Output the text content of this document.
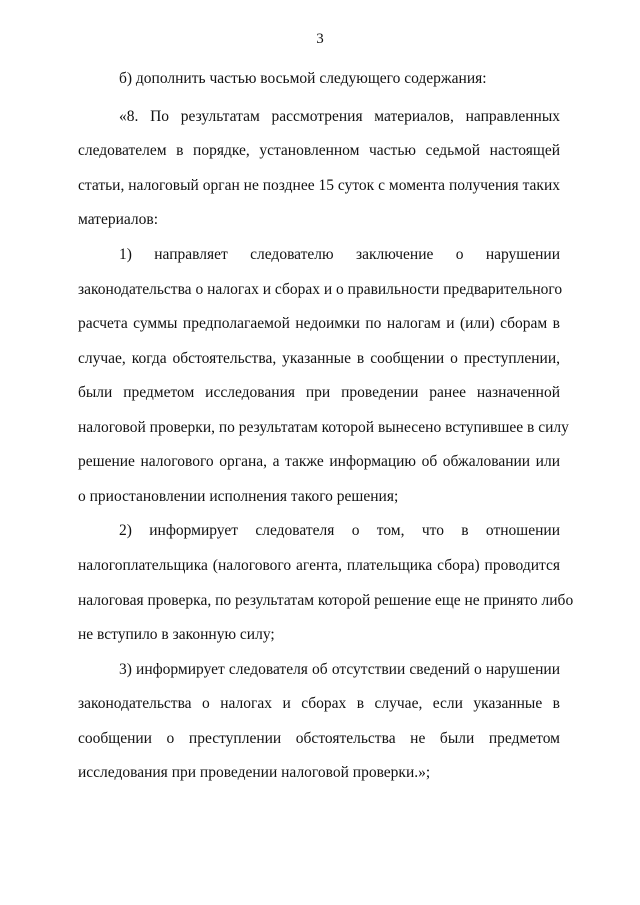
3
б) дополнить частью восьмой следующего содержания:
«8. По результатам рассмотрения материалов, направленных
следователем в порядке, установленном частью седьмой настоящей
статьи, налоговый орган не позднее 15 суток с момента получения таких
материалов:
1) направляет следователю заключение о нарушении
законодательства о налогах и сборах и о правильности предварительного
расчета суммы предполагаемой недоимки по налогам и (или) сборам в
случае, когда обстоятельства, указанные в сообщении о преступлении,
были предметом исследования при проведении ранее назначенной
налоговой проверки, по результатам которой вынесено вступившее в силу
решение налогового органа, а также информацию об обжаловании или
о приостановлении исполнения такого решения;
2) информирует следователя о том, что в отношении
налогоплательщика (налогового агента, плательщика сбора) проводится
налоговая проверка, по результатам которой решение еще не принято либо
не вступило в законную силу;
3) информирует следователя об отсутствии сведений о нарушении
законодательства о налогах и сборах в случае, если указанные в
сообщении о преступлении обстоятельства не были предметом
исследования при проведении налоговой проверки.»;
